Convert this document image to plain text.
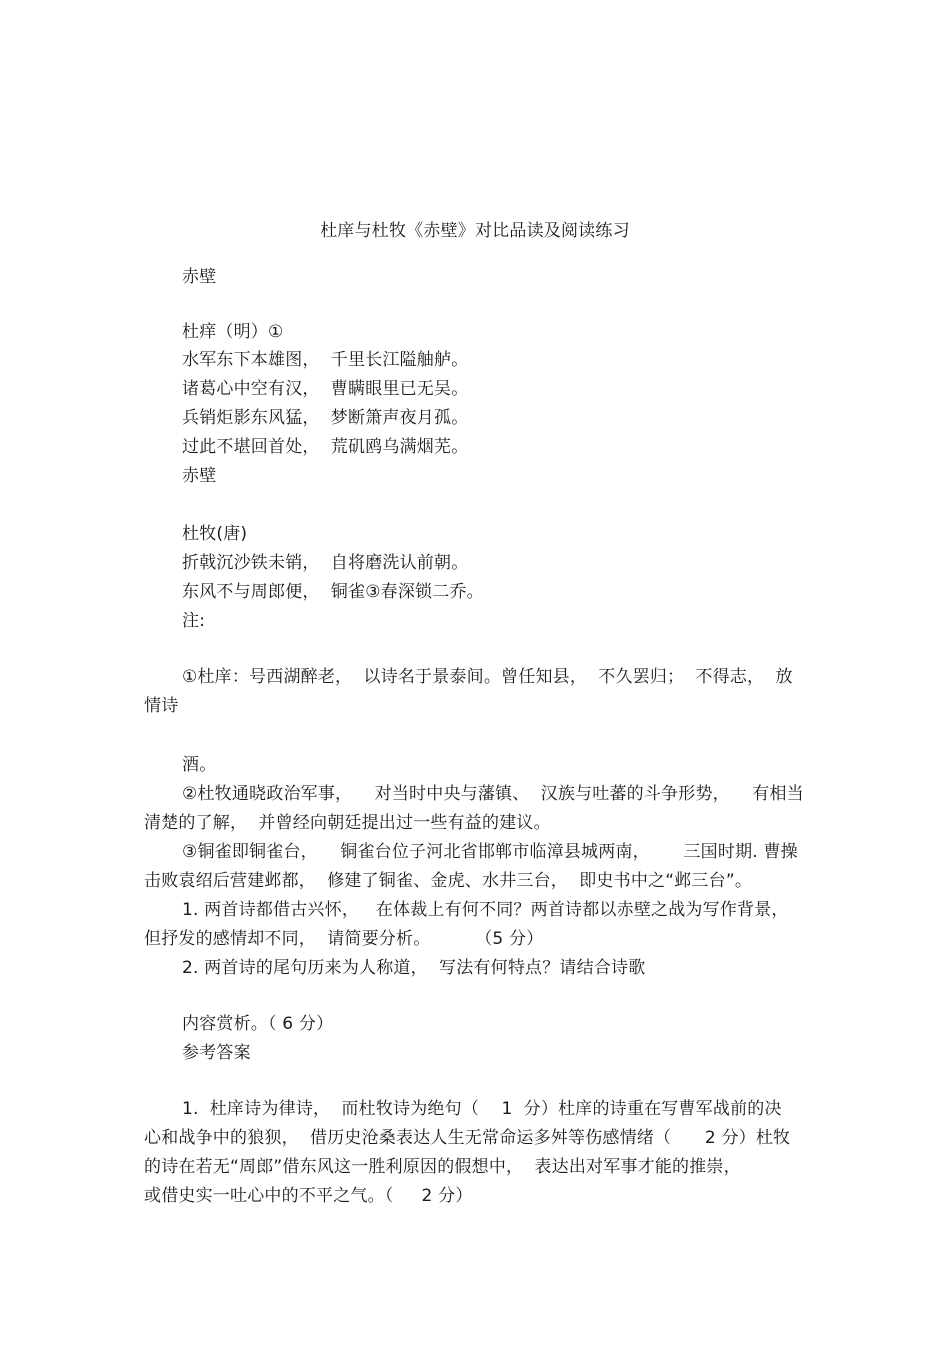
杜庠与杜牧《赤壁》对比品读及阅读练习
赤壁
杜痒（明）①
水军东下本雄图，  千里长江隘舳舻。
诸葛心中空有汉，  曹瞒眼里已无吴。
兵销炬影东风猛，  梦断箫声夜月孤。
过此不堪回首处，  荒矶鸥乌满烟芜。
赤壁
杜牧(唐)
折戟沉沙铁未销，  自将磨洗认前朝。
东风不与周郎便，  铜雀③春深锁二乔。
注:
①杜庠：号西湖醉老，  以诗名于景泰间。曾任知县，  不久罢归；  不得志，  放
情诗
酒。
②杜牧通晓政治军事，    对当时中央与藩镇、  汉族与吐蕃的斗争形势，    有相当
清楚的了解，  并曾经向朝廷提出过一些有益的建议。
③铜雀即铜雀台，    铜雀台位子河北省邯郸市临漳县城两南，      三国时期. 曹操
击败袁绍后营建邺都，  修建了铜雀、金虎、水井三台，  即史书中之“邺三台”。
1. 两首诗都借古兴怀，   在体裁上有何不同？两首诗都以赤壁之战为写作背景，
但抒发的感情却不同，  请简要分析。        （5 分）
2. 两首诗的尾句历来为人称道，  写法有何特点？请结合诗歌
内容赏析。（ 6 分）
参考答案
1.  杜庠诗为律诗，  而杜牧诗为绝句（    1  分）杜庠的诗重在写曹军战前的决
心和战争中的狼狈，  借历史沧桑表达人生无常命运多舛等伤感情绪（      2 分）杜牧
的诗在若无“周郎”借东风这一胜利原因的假想中，  表达出对军事才能的推崇，
或借史实一吐心中的不平之气。（     2 分）
